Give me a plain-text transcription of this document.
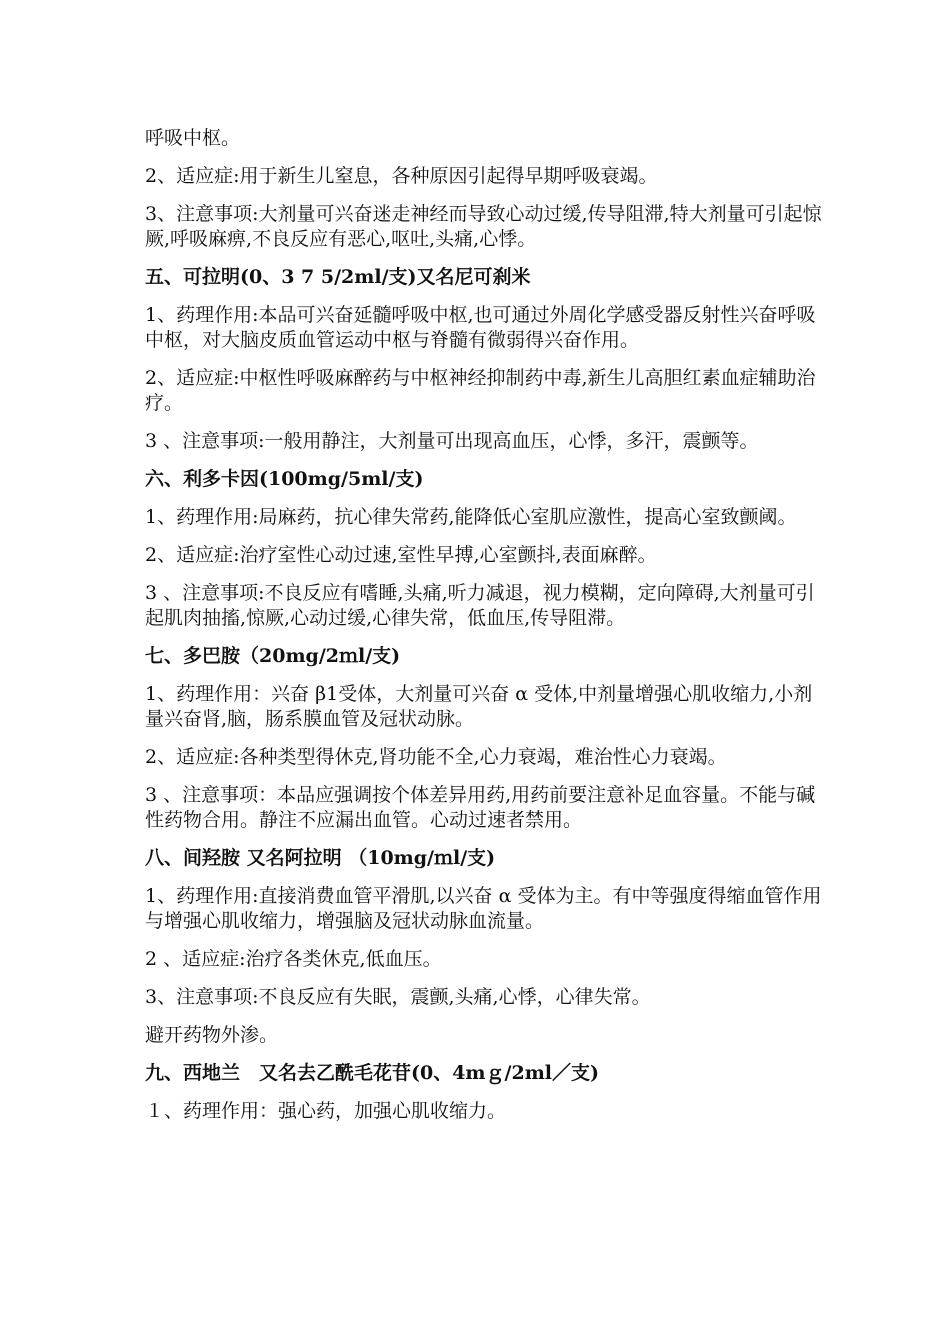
呼吸中枢。

2、适应症:用于新生儿窒息，各种原因引起得早期呼吸衰竭。

3、注意事项:大剂量可兴奋迷走神经而导致心动过缓,传导阻滞,特大剂量可引起惊厥,呼吸麻痹,不良反应有恶心,呕吐,头痛,心悸。

五、可拉明(0、3 7 5/2ml/支)又名尼可刹米

1、药理作用:本品可兴奋延髓呼吸中枢,也可通过外周化学感受器反射性兴奋呼吸中枢，对大脑皮质血管运动中枢与脊髓有微弱得兴奋作用。

2、适应症:中枢性呼吸麻醉药与中枢神经抑制药中毒,新生儿高胆红素血症辅助治疗。

3 、注意事项:一般用静注，大剂量可出现高血压，心悸，多汗，震颤等。

六、利多卡因(100mg/5ml/支)

1、药理作用:局麻药，抗心律失常药,能降低心室肌应激性，提高心室致颤阈。

2、适应症:治疗室性心动过速,室性早搏,心室颤抖,表面麻醉。

3 、注意事项:不良反应有嗜睡,头痛,听力减退，视力模糊，定向障碍,大剂量可引起肌肉抽搐,惊厥,心动过缓,心律失常，低血压,传导阻滞。

七、多巴胺（20mg/2ｍl/支)

1、药理作用：兴奋 β1受体，大剂量可兴奋 α 受体,中剂量增强心肌收缩力,小剂量兴奋肾,脑，肠系膜血管及冠状动脉。

2、适应症:各种类型得休克,肾功能不全,心力衰竭，难治性心力衰竭。

3 、注意事项：本品应强调按个体差异用药,用药前要注意补足血容量。不能与碱性药物合用。静注不应漏出血管。心动过速者禁用。

八、间羟胺 又名阿拉明 （10mg/ｍl/支)

1、药理作用:直接消费血管平滑肌,以兴奋 α 受体为主。有中等强度得缩血管作用与增强心肌收缩力，增强脑及冠状动脉血流量。

2 、适应症:治疗各类休克,低血压。

3、注意事项:不良反应有失眠，震颤,头痛,心悸，心律失常。

避开药物外渗。

九、西地兰　又名去乙酰毛花苷(0、4mｇ/2ml／支)

１、药理作用：强心药，加强心肌收缩力。
